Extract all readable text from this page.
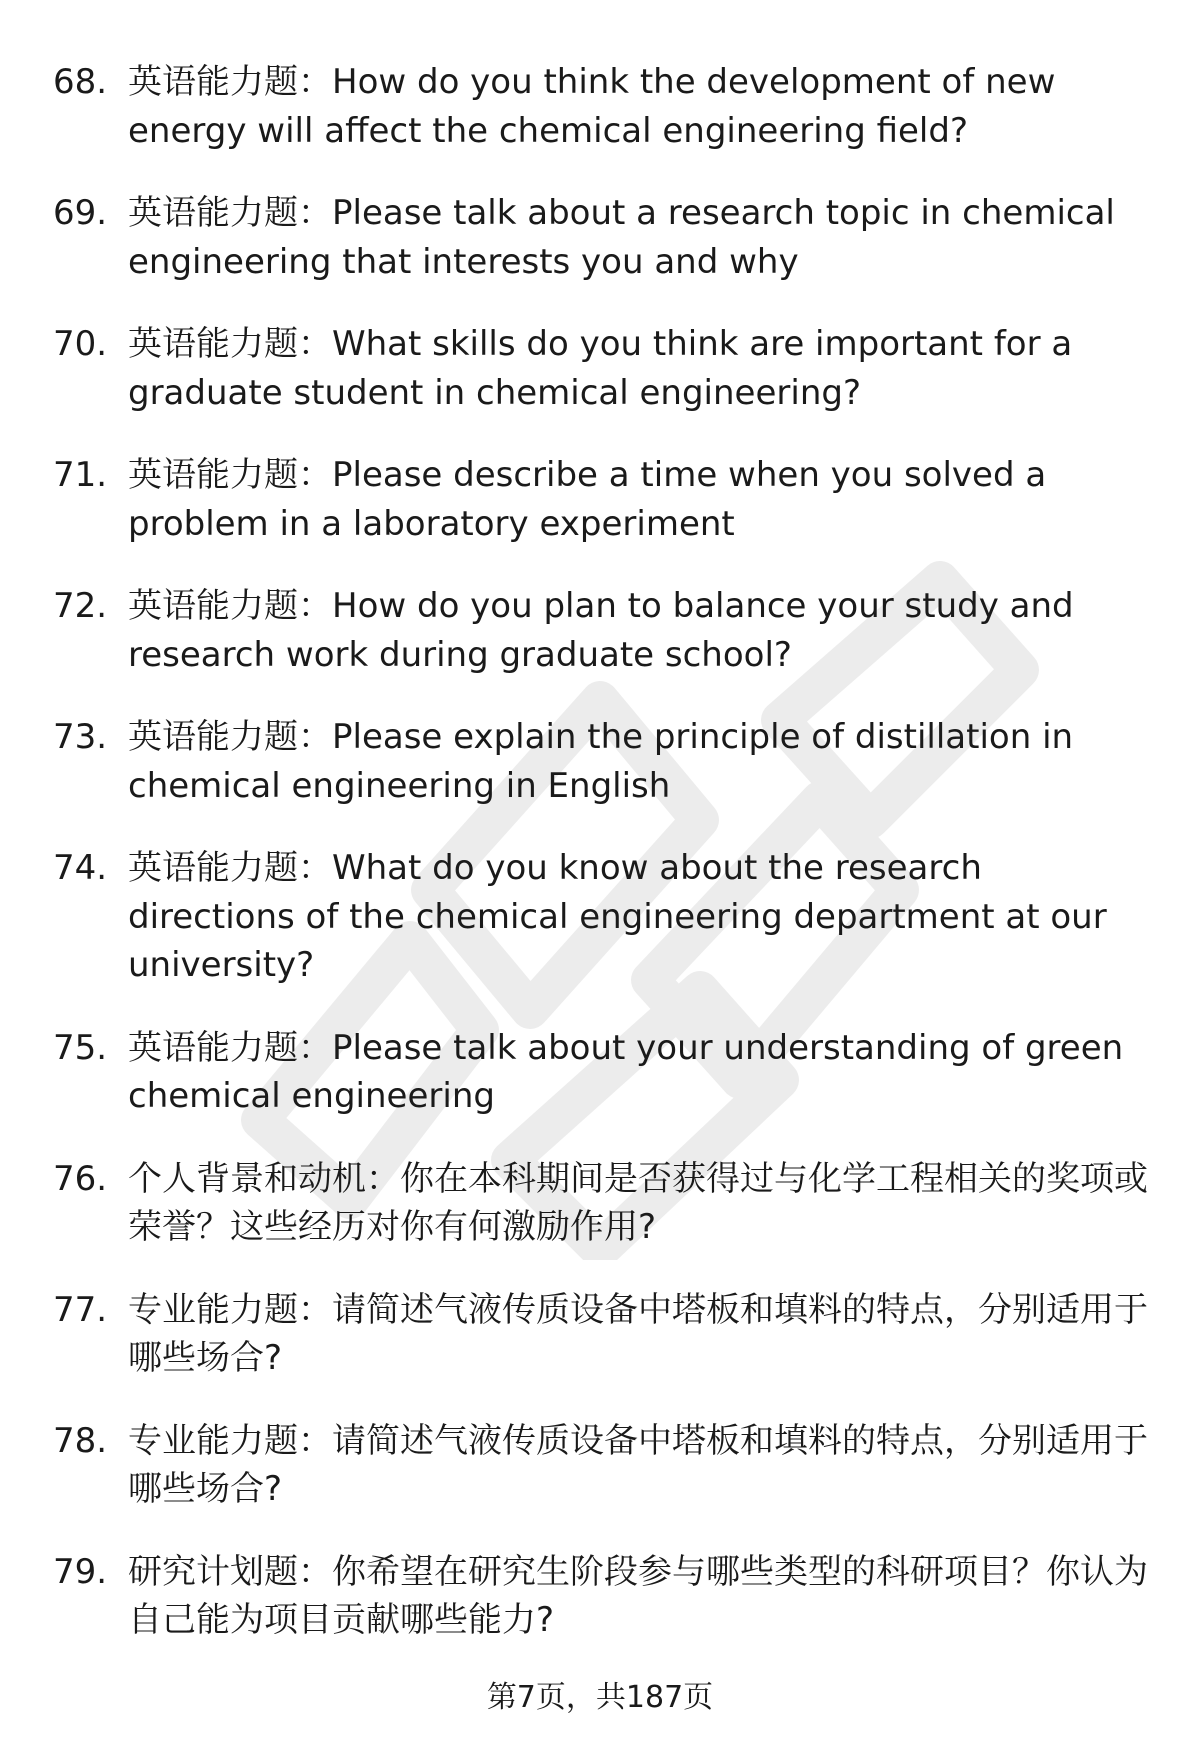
68. 英语能力题：How do you think the development of new energy will affect the chemical engineering field?
69. 英语能力题：Please talk about a research topic in chemical engineering that interests you and why
70. 英语能力题：What skills do you think are important for a graduate student in chemical engineering?
71. 英语能力题：Please describe a time when you solved a problem in a laboratory experiment
72. 英语能力题：How do you plan to balance your study and research work during graduate school?
73. 英语能力题：Please explain the principle of distillation in chemical engineering in English
74. 英语能力题：What do you know about the research directions of the chemical engineering department at our university?
75. 英语能力题：Please talk about your understanding of green chemical engineering
76. 个人背景和动机：你在本科期间是否获得过与化学工程相关的奖项或荣誉？这些经历对你有何激励作用?
77. 专业能力题：请简述气液传质设备中塔板和填料的特点，分别适用于哪些场合?
78. 专业能力题：请简述气液传质设备中塔板和填料的特点，分别适用于哪些场合?
79. 研究计划题：你希望在研究生阶段参与哪些类型的科研项目？你认为自己能为项目贡献哪些能力?
第7页，共187页
